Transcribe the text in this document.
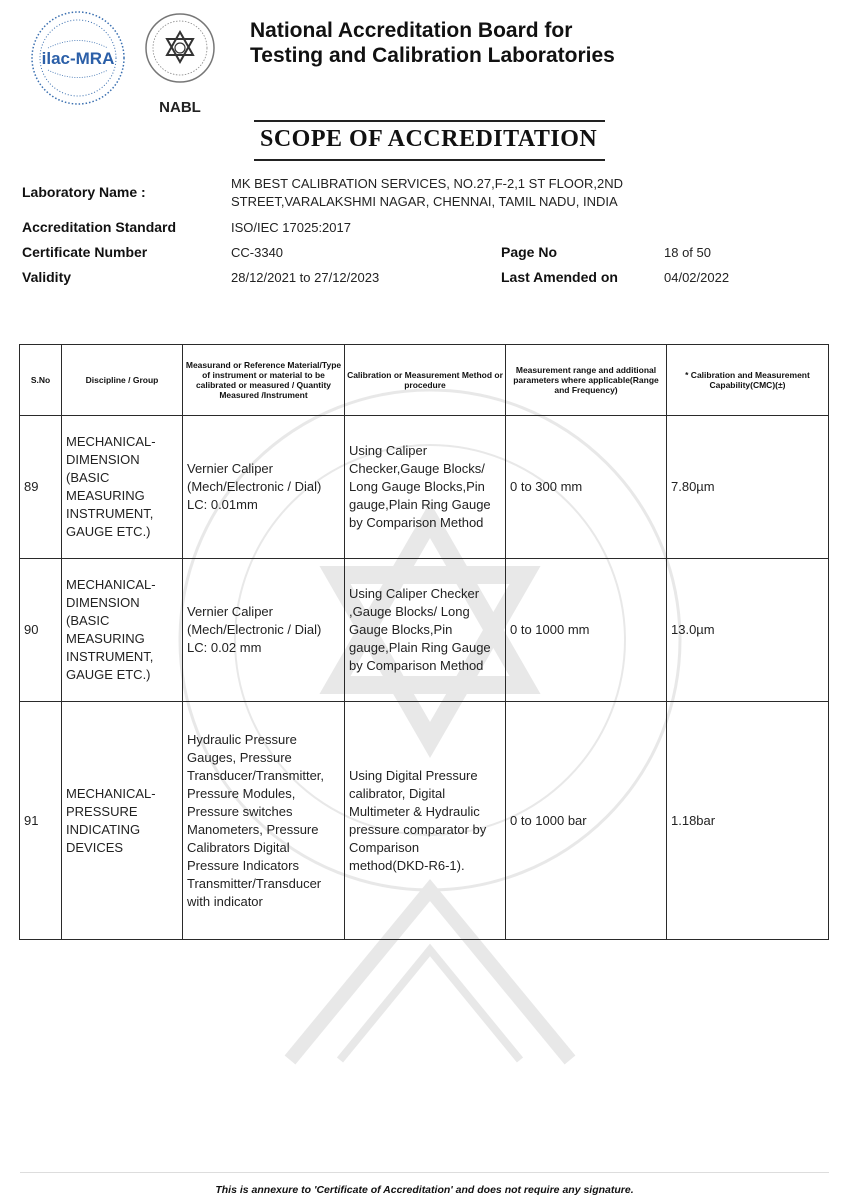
ilac-MRA
NABL
National Accreditation Board for
Testing and Calibration Laboratories
SCOPE OF ACCREDITATION
Laboratory Name :
MK BEST CALIBRATION SERVICES, NO.27,F-2,1 ST FLOOR,2ND
STREET,VARALAKSHMI NAGAR, CHENNAI, TAMIL NADU, INDIA
Accreditation Standard	ISO/IEC 17025:2017
Certificate Number	CC-3340	Page No	18 of 50
Validity	28/12/2021 to 27/12/2023	Last Amended on	04/02/2022
S.No	Discipline / Group	Measurand or Reference Material/Type of instrument or material to be calibrated or measured / Quantity Measured /Instrument	Calibration or Measurement Method or procedure	Measurement range and additional parameters where applicable(Range and Frequency)	* Calibration and Measurement Capability(CMC)(±)
89	MECHANICAL- DIMENSION (BASIC MEASURING INSTRUMENT, GAUGE ETC.)	Vernier Caliper (Mech/Electronic / Dial) LC: 0.01mm	Using Caliper Checker,Gauge Blocks/ Long Gauge Blocks,Pin gauge,Plain Ring Gauge by Comparison Method	0 to 300 mm	7.80µm
90	MECHANICAL- DIMENSION (BASIC MEASURING INSTRUMENT, GAUGE ETC.)	Vernier Caliper (Mech/Electronic / Dial) LC: 0.02 mm	Using Caliper Checker ,Gauge Blocks/ Long Gauge Blocks,Pin gauge,Plain Ring Gauge by Comparison Method	0 to 1000 mm	13.0µm
91	MECHANICAL- PRESSURE INDICATING DEVICES	Hydraulic Pressure Gauges, Pressure Transducer/Transmitter, Pressure Modules, Pressure switches Manometers, Pressure Calibrators Digital Pressure Indicators Transmitter/Transducer with indicator	Using Digital Pressure calibrator, Digital Multimeter & Hydraulic pressure comparator by Comparison method(DKD-R6-1).	0 to 1000 bar	1.18bar
This is annexure to 'Certificate of Accreditation' and does not require any signature.
